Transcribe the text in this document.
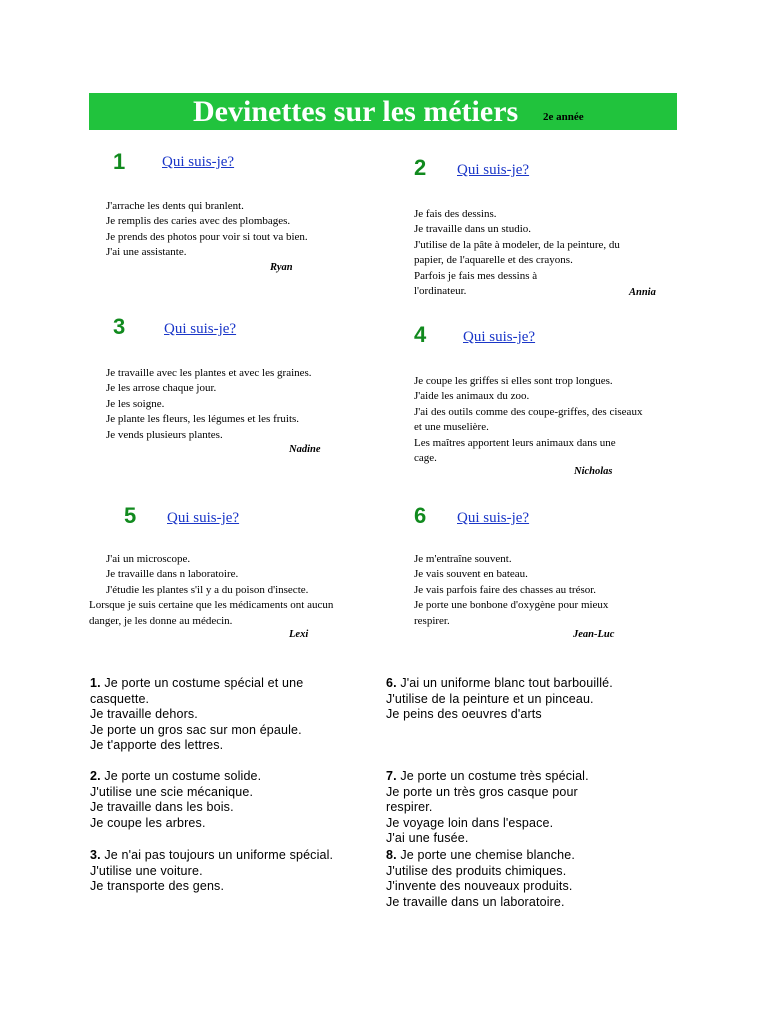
Devinettes sur les métiers 2e année
1 Qui suis-je?
J'arrache les dents qui branlent.
Je remplis des caries avec des plombages.
Je prends des photos pour voir si tout va bien.
J'ai une assistante.
Ryan
2 Qui suis-je?
Je fais des dessins.
Je travaille dans un studio.
J'utilise de la pâte à modeler, de la peinture, du
papier, de l'aquarelle et des crayons.
Parfois je fais mes dessins à
l'ordinateur.	Annia
3	Qui suis-je?
Je travaille avec les plantes et avec les graines.
Je les arrose chaque jour.
Je les soigne.
Je plante les fleurs, les légumes et les fruits.
Je vends plusieurs plantes.
Nadine
4 Qui suis-je?
Je coupe les griffes si elles sont trop longues.
J'aide les animaux du zoo.
J'ai des outils comme des coupe-griffes, des ciseaux
et une muselière.
Les maîtres apportent leurs animaux dans une
cage.
Nicholas
5 Qui suis-je?
J'ai un microscope.
Je travaille dans n laboratoire.
J'étudie les plantes s'il y a du poison d'insecte.
Lorsque je suis certaine que les médicaments ont aucun
danger, je les donne au médecin.
Lexi
6 Qui suis-je?
Je m'entraîne souvent.
Je vais souvent en bateau.
Je vais parfois faire des chasses au trésor.
Je porte une bonbone d'oxygène pour mieux
respirer.
Jean-Luc
1. Je porte un costume spécial et une
casquette.
Je travaille dehors.
Je porte un gros sac sur mon épaule.
Je t'apporte des lettres.
2. Je porte un costume solide.
J'utilise une scie mécanique.
Je travaille dans les bois.
Je coupe les arbres.
3. Je n'ai pas toujours un uniforme spécial.
J'utilise une voiture.
Je transporte des gens.
6. J'ai un uniforme blanc tout barbouillé.
J'utilise de la peinture et un pinceau.
Je peins des oeuvres d'arts
7. Je porte un costume très spécial.
Je porte un très gros casque pour
respirer.
Je voyage loin dans l'espace.
J'ai une fusée.
8. Je porte une chemise blanche.
J'utilise des produits chimiques.
J'invente des nouveaux produits.
Je travaille dans un laboratoire.
